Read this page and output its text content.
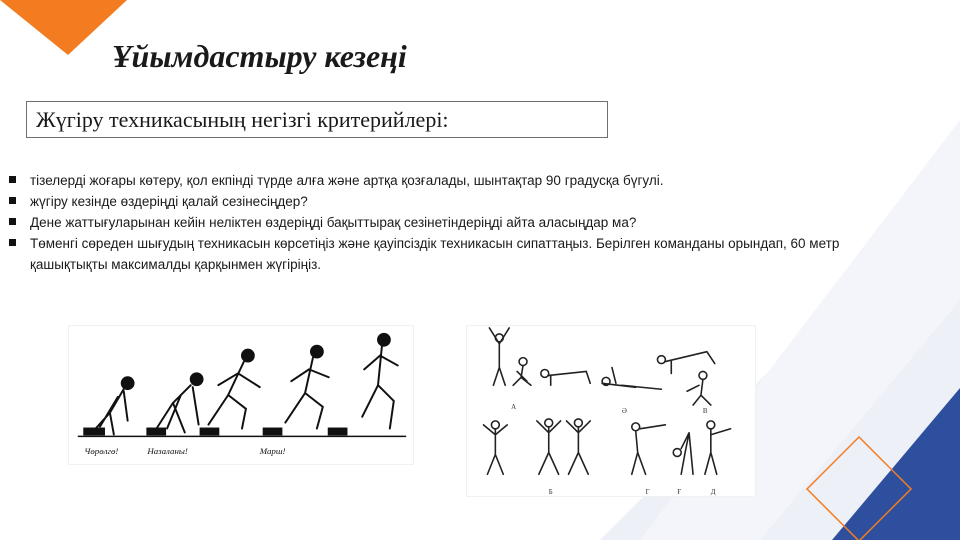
Ұйымдастыру кезеңі
Жүгіру техникасының негізгі критерийлері:
тізелерді жоғары көтеру, қол екпінді түрде алға және артқа қозғалады, шынтақтар 90 градусқа бүгулі.
жүгіру кезінде өздеріңді қалай сезінесіңдер?
Дене жаттығуларынан кейін неліктен өздеріңді бақыттырақ сезінетіндеріңді айта аласыңдар ма?
Төменгі сөреден шығудың техникасын көрсетіңіз және қауіпсіздік техникасын сипаттаңыз. Берілген команданы орындап, 60 метр қашықтықты максималды қарқынмен жүгіріңіз.
Чөрөлгө!	Назаланы!	Марш!
А
Ә
Б
В
Г	Ғ	Д
